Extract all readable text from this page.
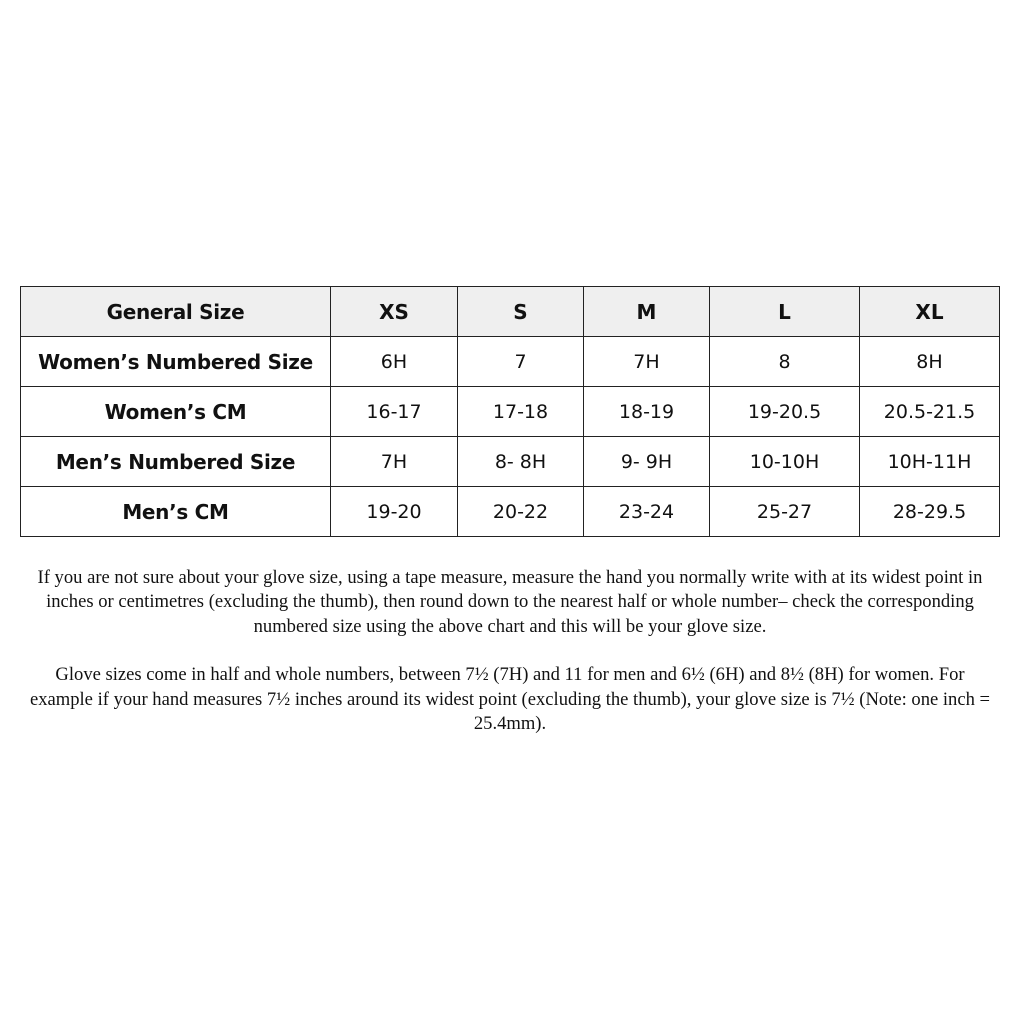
General Size	XS	S	M	L	XL
Women’s Numbered Size	6H	7	7H	8	8H
Women’s CM	16-17	17-18	18-19	19-20.5	20.5-21.5
Men’s Numbered Size	7H	8- 8H	9- 9H	10-10H	10H-11H
Men’s CM	19-20	20-22	23-24	25-27	28-29.5

If you are not sure about your glove size, using a tape measure, measure the hand you normally write with at its widest point in inches or centimetres (excluding the thumb), then round down to the nearest half or whole number– check the corresponding numbered size using the above chart and this will be your glove size.

Glove sizes come in half and whole numbers, between 7½ (7H) and 11 for men and 6½ (6H) and 8½ (8H) for women. For example if your hand measures 7½ inches around its widest point (excluding the thumb), your glove size is 7½ (Note: one inch = 25.4mm).
